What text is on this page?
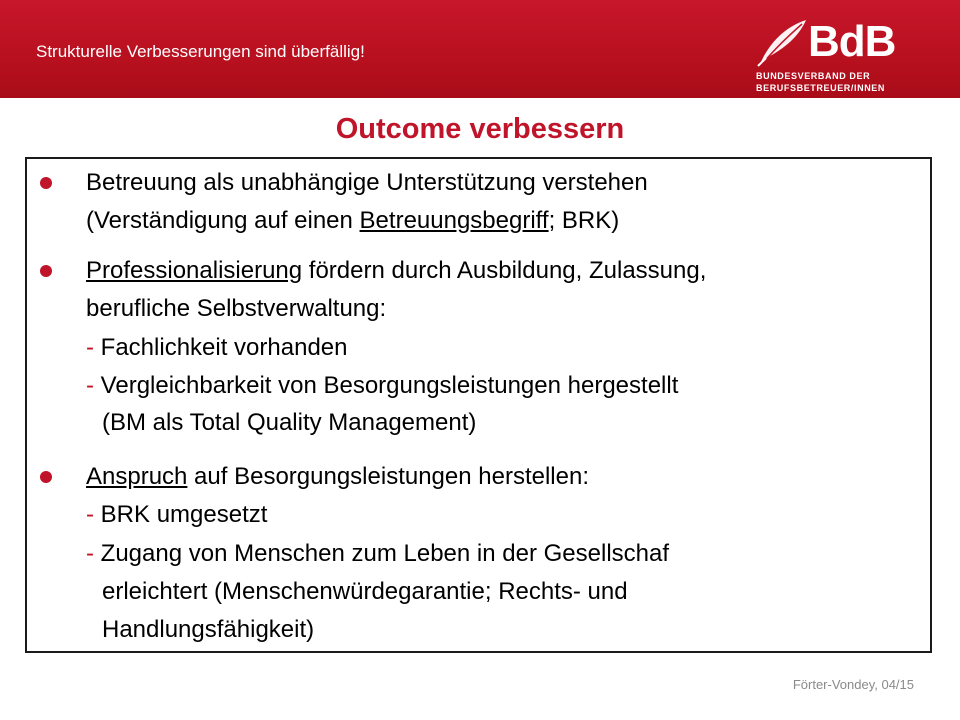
Strukturelle Verbesserungen sind überfällig!	BdB
BUNDESVERBAND DER
BERUFSBETREUER/INNEN
Outcome verbessern
Betreuung als unabhängige Unterstützung verstehen
(Verständigung auf einen Betreuungsbegriff; BRK)
Professionalisierung fördern durch Ausbildung, Zulassung,
berufliche Selbstverwaltung:
- Fachlichkeit vorhanden
- Vergleichbarkeit von Besorgungsleistungen hergestellt
(BM als Total Quality Management)
Anspruch auf Besorgungsleistungen herstellen:
- BRK umgesetzt
- Zugang von Menschen zum Leben in der Gesellschaf
erleichtert (Menschenwürdegarantie; Rechts- und
Handlungsfähigkeit)
Förter-Vondey, 04/15
